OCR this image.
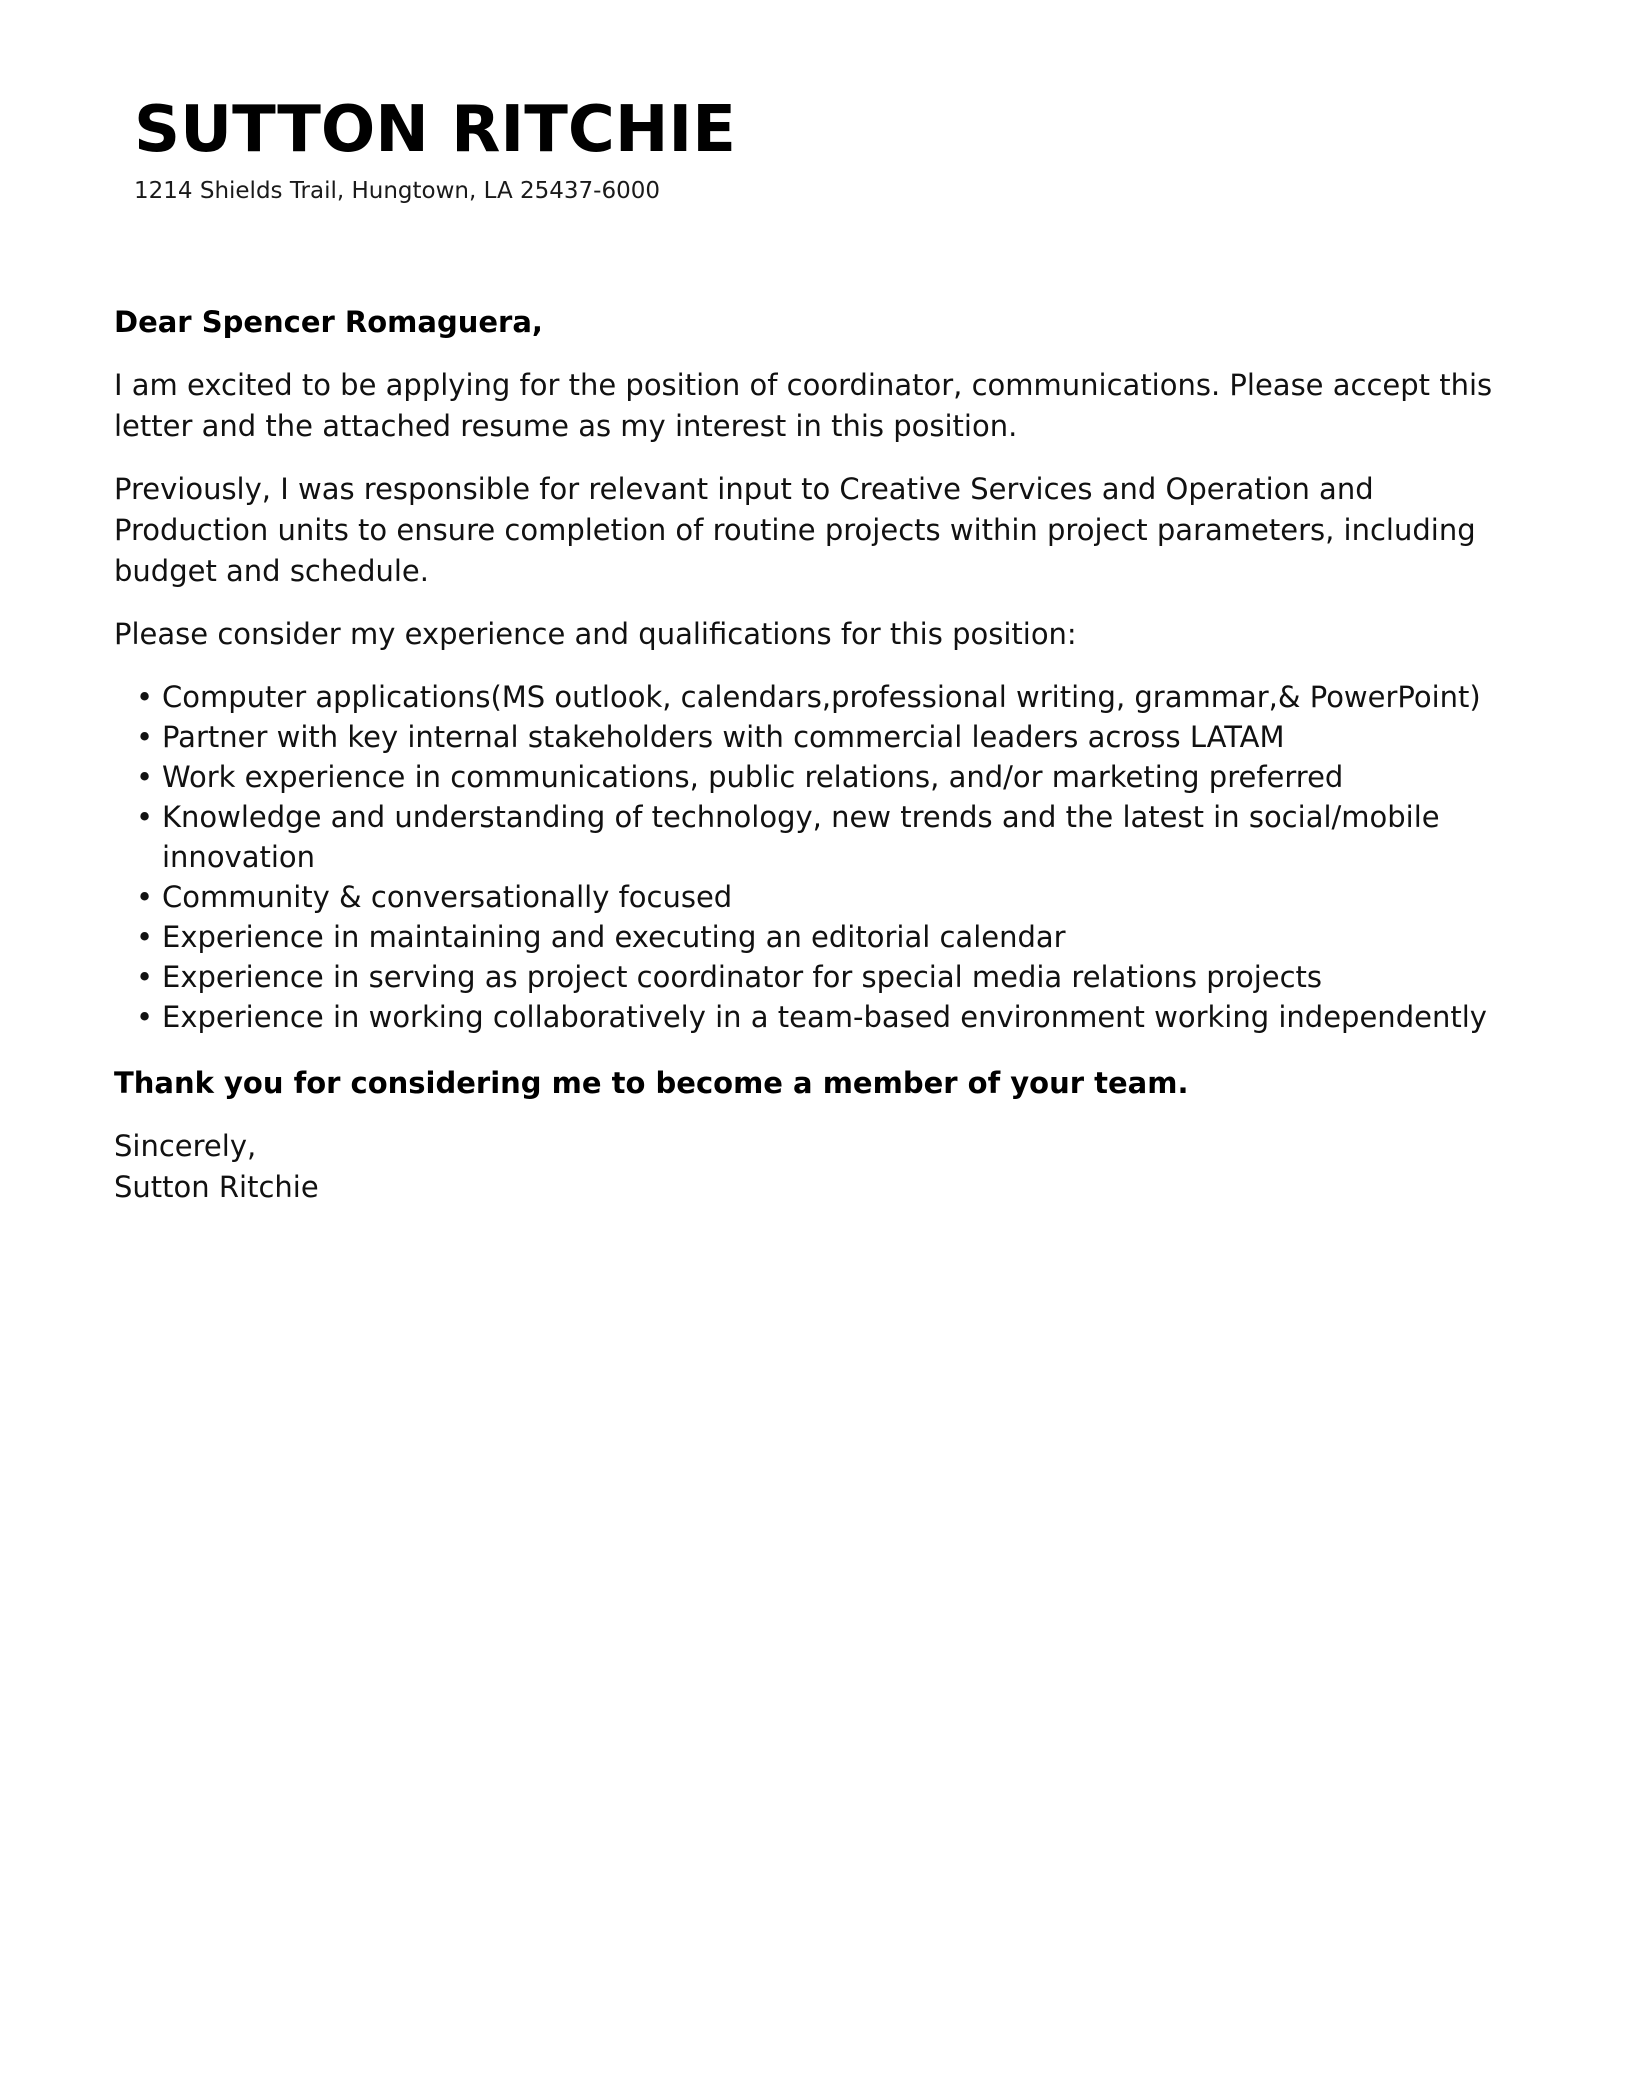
SUTTON RITCHIE

1214 Shields Trail, Hungtown, LA 25437-6000

Dear Spencer Romaguera,

I am excited to be applying for the position of coordinator, communications. Please accept this letter and the attached resume as my interest in this position.

Previously, I was responsible for relevant input to Creative Services and Operation and Production units to ensure completion of routine projects within project parameters, including budget and schedule.

Please consider my experience and qualifications for this position:

• Computer applications(MS outlook, calendars,professional writing, grammar,& PowerPoint)
• Partner with key internal stakeholders with commercial leaders across LATAM
• Work experience in communications, public relations, and/or marketing preferred
• Knowledge and understanding of technology, new trends and the latest in social/mobile innovation
• Community & conversationally focused
• Experience in maintaining and executing an editorial calendar
• Experience in serving as project coordinator for special media relations projects
• Experience in working collaboratively in a team-based environment working independently

Thank you for considering me to become a member of your team.

Sincerely,

Sutton Ritchie
